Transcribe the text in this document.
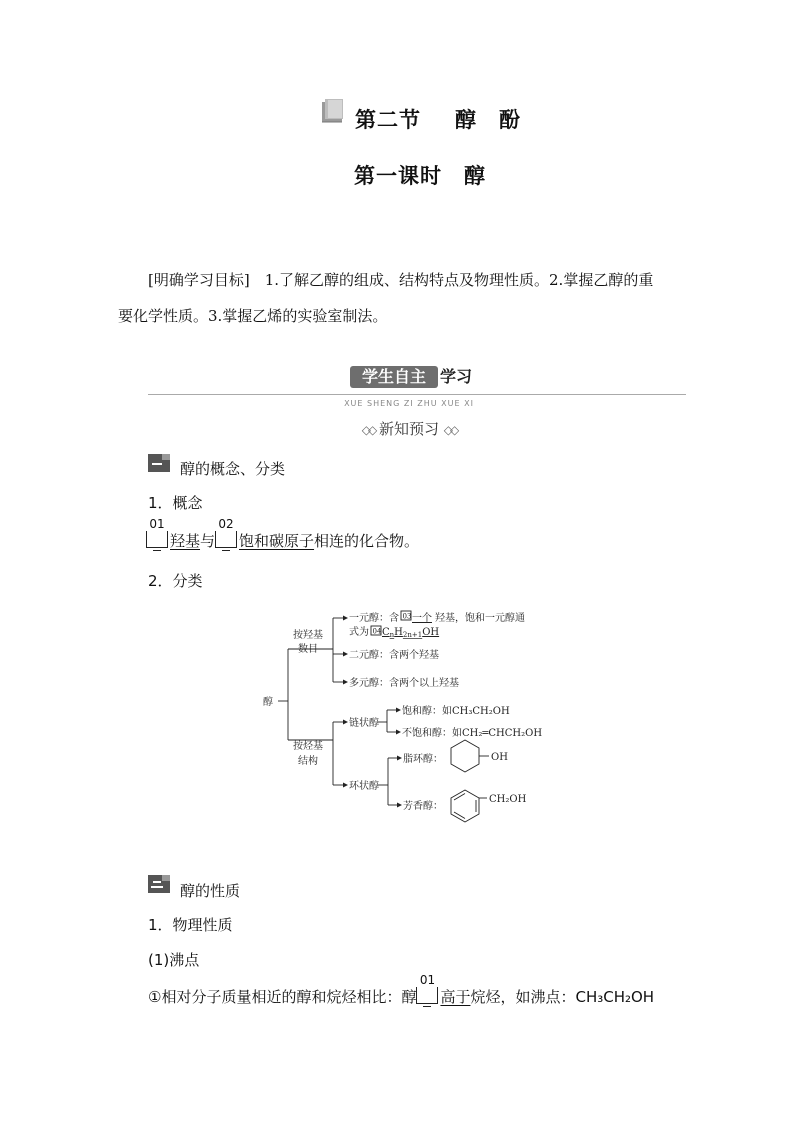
第二节 醇　酚
第一课时　醇
[明确学习目标]　1.了解乙醇的组成、结构特点及物理性质。2.掌握乙醇的重
要化学性质。3.掌握乙烯的实验室制法。
学生自主 学习
XUE SHENG ZI ZHU XUE XI
◇◇ 新知预习 ◇◇
醇的概念、分类
1．概念
01
羟基与
02
饱和碳原子相连的化合物。
2．分类
醇
按羟基
数目
一元醇：含 03 一个 羟基，饱和一元醇通
式为 04 $C_nH_{2n+1}OH$
二元醇：含两个羟基
多元醇：含两个以上羟基
按烃基
结构
链状醇
饱和醇：如CH₃CH₂OH
不饱和醇：如CH₂═CHCH₂OH
环状醇
脂环醇：
芳香醇：
OH
CH₂OH
醇的性质
1．物理性质
(1)沸点
①相对分子质量相近的醇和烷烃相比：醇
01
高于烷烃，如沸点：CH₃CH₂OH
